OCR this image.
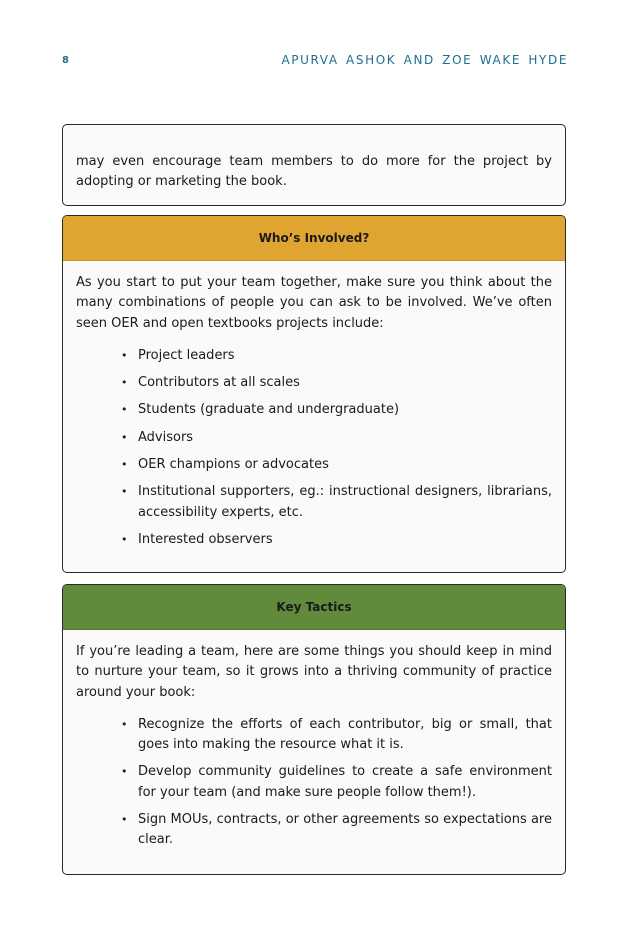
8	APURVA ASHOK AND ZOE WAKE HYDE

may even encourage team members to do more for the project by adopting or marketing the book.

Who’s Involved?

As you start to put your team together, make sure you think about the many combinations of people you can ask to be involved. We’ve often seen OER and open textbooks projects include:

• Project leaders
• Contributors at all scales
• Students (graduate and undergraduate)
• Advisors
• OER champions or advocates
• Institutional supporters, eg.: instructional designers, librarians, accessibility experts, etc.
• Interested observers
Key Tactics

If you’re leading a team, here are some things you should keep in mind to nurture your team, so it grows into a thriving community of practice around your book:

• Recognize the efforts of each contributor, big or small, that goes into making the resource what it is.
• Develop community guidelines to create a safe environment for your team (and make sure people follow them!).
• Sign MOUs, contracts, or other agreements so expectations are clear.
